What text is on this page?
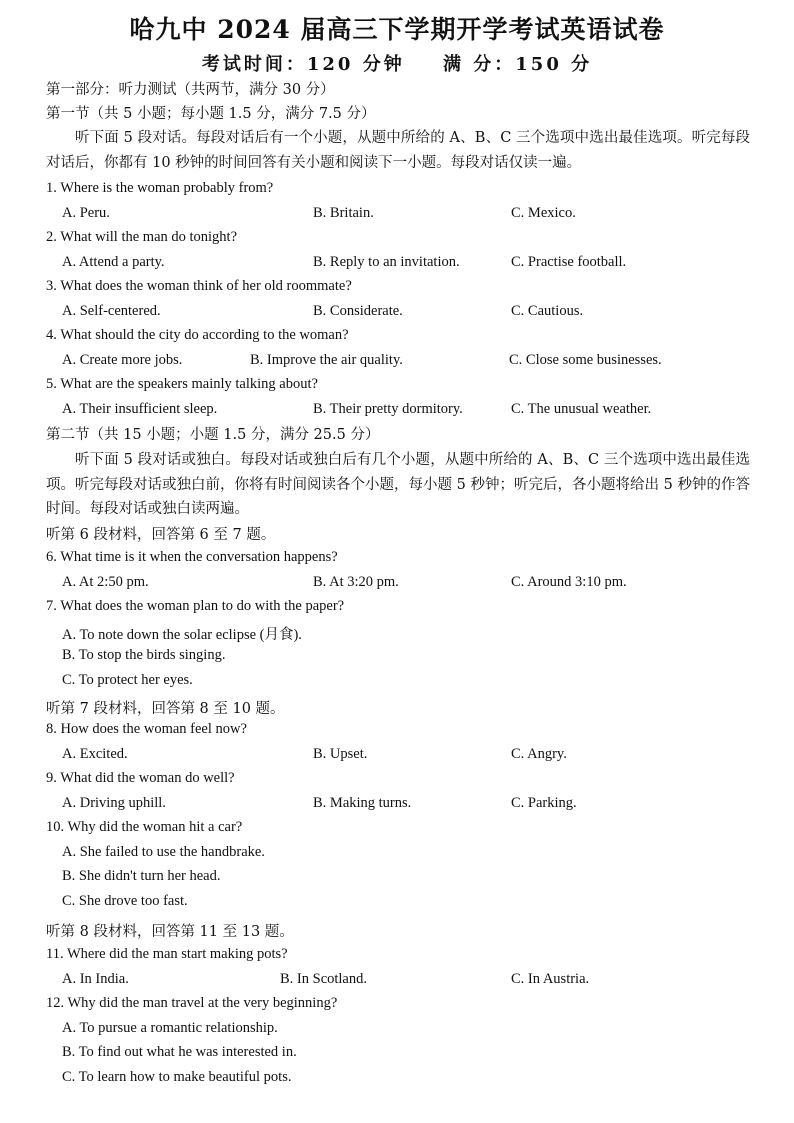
哈九中 2024 届高三下学期开学考试英语试卷
考试时间：120 分钟 满 分：150 分
第一部分：听力测试（共两节，满分 30 分）
第一节（共 5 小题；每小题 1.5 分，满分 7.5 分）
听下面 5 段对话。每段对话后有一个小题，从题中所给的 A、B、C 三个选项中选出最佳选项。听完每段对话后，你都有 10 秒钟的时间回答有关小题和阅读下一小题。每段对话仅读一遍。
1. Where is the woman probably from?
A. Peru.	B. Britain.	C. Mexico.
2. What will the man do tonight?
A. Attend a party.	B. Reply to an invitation.	C. Practise football.
3. What does the woman think of her old roommate?
A. Self-centered.	B. Considerate.	C. Cautious.
4. What should the city do according to the woman?
A. Create more jobs.	B. Improve the air quality.	C. Close some businesses.
5. What are the speakers mainly talking about?
A. Their insufficient sleep.	B. Their pretty dormitory.	C. The unusual weather.
第二节（共 15 小题；小题 1.5 分，满分 25.5 分）
听下面 5 段对话或独白。每段对话或独白后有几个小题，从题中所给的 A、B、C 三个选项中选出最佳选项。听完每段对话或独白前，你将有时间阅读各个小题，每小题 5 秒钟；听完后，各小题将给出 5 秒钟的作答时间。每段对话或独白读两遍。
听第 6 段材料，回答第 6 至 7 题。
6. What time is it when the conversation happens?
A. At 2:50 pm.	B. At 3:20 pm.	C. Around 3:10 pm.
7. What does the woman plan to do with the paper?
A. To note down the solar eclipse (月食).
B. To stop the birds singing.
C. To protect her eyes.
听第 7 段材料，回答第 8 至 10 题。
8. How does the woman feel now?
A. Excited.	B. Upset.	C. Angry.
9. What did the woman do well?
A. Driving uphill.	B. Making turns.	C. Parking.
10. Why did the woman hit a car?
A. She failed to use the handbrake.
B. She didn't turn her head.
C. She drove too fast.
听第 8 段材料，回答第 11 至 13 题。
11. Where did the man start making pots?
A. In India.	B. In Scotland.	C. In Austria.
12. Why did the man travel at the very beginning?
A. To pursue a romantic relationship.
B. To find out what he was interested in.
C. To learn how to make beautiful pots.
